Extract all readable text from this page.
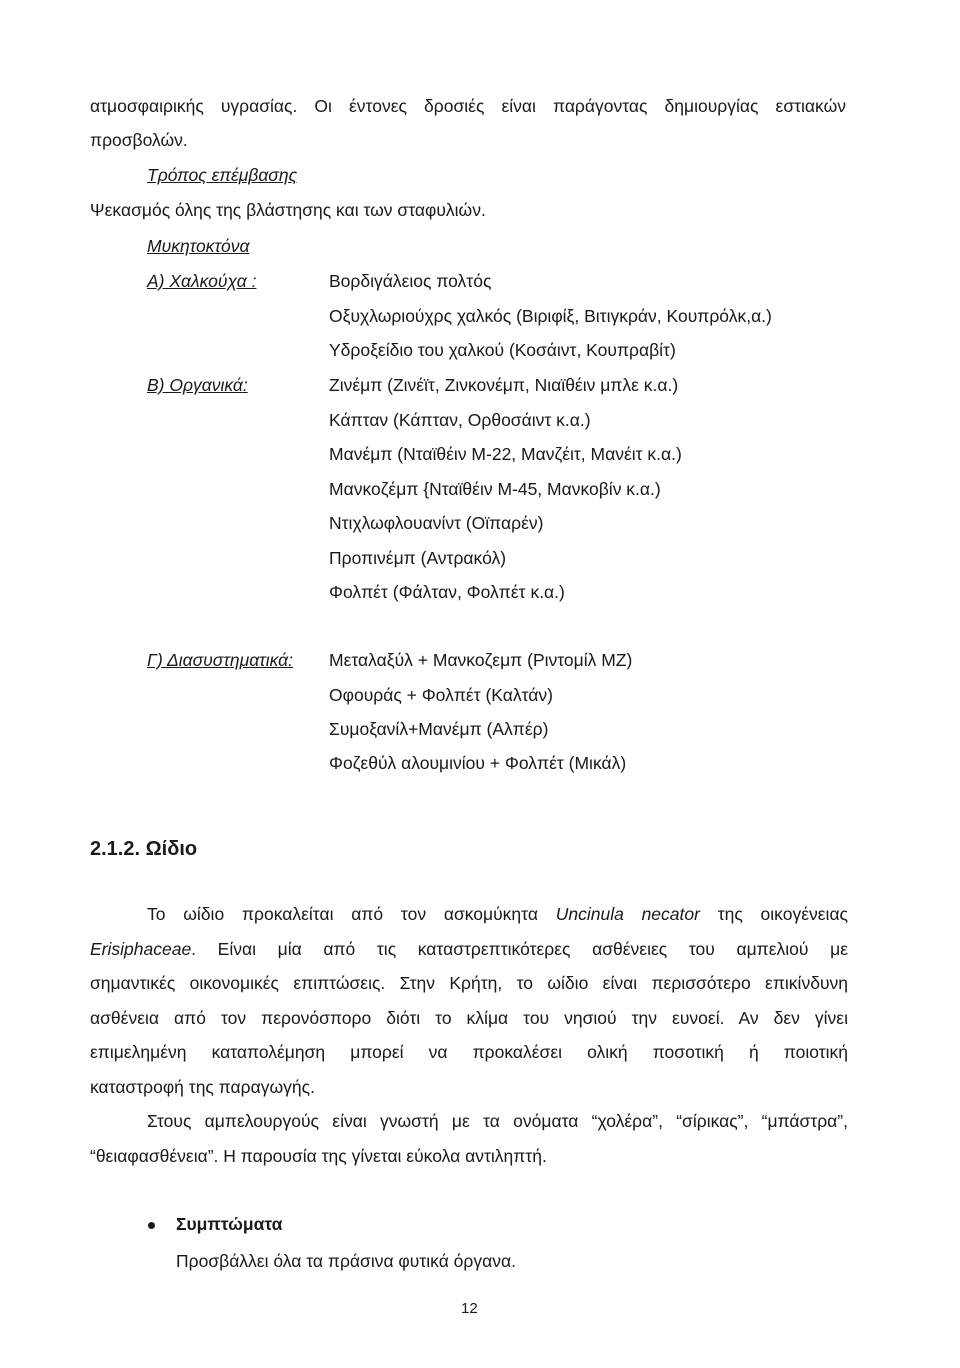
ατμοσφαιρικής υγρασίας. Οι έντονες δροσιές είναι παράγοντας δημιουργίας εστιακών
προσβολών.
Τρόπος επέμβασης
Ψεκασμός όλης της βλάστησης και των σταφυλιών.
Μυκητοκτόνα
Α) Χαλκούχα :	Βορδιγάλειος πολτός
Οξυχλωριούχρς χαλκός (Βιριφίξ, Βιτιγκράν, Κουπρόλκ,α.)
Υδροξείδιο του χαλκού (Κοσάιντ, Κουπραβίτ)
Β) Οργανικά:	Ζινέμπ (Ζινέϊτ, Ζινκονέμπ, Νιαϊθέιν μπλε κ.α.)
Κάπταν (Κάπταν, Ορθοσάιντ κ.α.)
Μανέμπ (Νταϊθέιν Μ-22, Μανζέιτ, Μανέιτ κ.α.)
Μανκοζέμπ {Νταϊθέιν Μ-45, Μανκοβίν κ.α.)
Ντιχλωφλουανίντ (Οϊπαρέν)
Προπινέμπ (Αντρακόλ)
Φολπέτ (Φάλταν, Φολπέτ κ.α.)
Γ) Διασυστηματικά: Μεταλαξύλ + Μανκοζεμπ (Ριντομίλ ΜΖ)
Οφουράς + Φολπέτ (Καλτάν)
Συμοξανίλ+Μανέμπ (Αλπέρ)
Φοζεθύλ αλουμινίου + Φολπέτ (Μικάλ)
2.1.2. Ωίδιο
Το ωίδιο προκαλείται από τον ασκομύκητα Uncinula necator της οικογένειας
Erisiphaceae. Είναι μία από τις καταστρεπτικότερες ασθένειες του αμπελιού με
σημαντικές οικονομικές επιπτώσεις. Στην Κρήτη, το ωίδιο είναι περισσότερο επικίνδυνη
ασθένεια από τον περονόσπορο διότι το κλίμα του νησιού την ευνοεί. Αν δεν γίνει
επιμελημένη καταπολέμηση μπορεί να προκαλέσει ολική ποσοτική ή ποιοτική
καταστροφή της παραγωγής.
Στους αμπελουργούς είναι γνωστή με τα ονόματα “χολέρα”, “σίρικας”, “μπάστρα”,
“θειαφασθένεια”. Η παρουσία της γίνεται εύκολα αντιληπτή.
Συμπτώματα
Προσβάλλει όλα τα πράσινα φυτικά όργανα.
12
